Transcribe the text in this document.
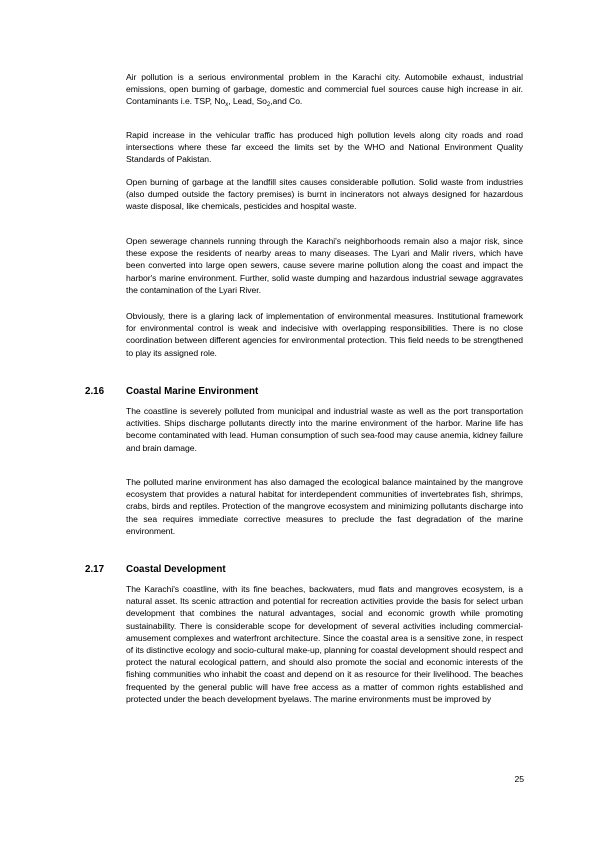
Air pollution is a serious environmental problem in the Karachi city. Automobile exhaust, industrial emissions, open burning of garbage, domestic and commercial fuel sources cause high increase in air. Contaminants i.e. TSP, $No_x$, Lead, $So_2,and$ Co.

Rapid increase in the vehicular traffic has produced high pollution levels along city roads and road intersections where these far exceed the limits set by the WHO and National Environment Quality Standards of Pakistan.

Open burning of garbage at the landfill sites causes considerable pollution. Solid waste from industries (also dumped outside the factory premises) is burnt in incinerators not always designed for hazardous waste disposal, like chemicals, pesticides and hospital waste.

Open sewerage channels running through the Karachi's neighborhoods remain also a major risk, since these expose the residents of nearby areas to many diseases. The Lyari and Malir rivers, which have been converted into large open sewers, cause severe marine pollution along the coast and impact the harbor's marine environment. Further, solid waste dumping and hazardous industrial sewage aggravates the contamination of the Lyari River.

Obviously, there is a glaring lack of implementation of environmental measures. Institutional framework for environmental control is weak and indecisive with overlapping responsibilities. There is no close coordination between different agencies for environmental protection. This field needs to be strengthened to play its assigned role.

2.16 Coastal Marine Environment

The coastline is severely polluted from municipal and industrial waste as well as the port transportation activities. Ships discharge pollutants directly into the marine environment of the harbor. Marine life has become contaminated with lead. Human consumption of such sea-food may cause anemia, kidney failure and brain damage.

The polluted marine environment has also damaged the ecological balance maintained by the mangrove ecosystem that provides a natural habitat for interdependent communities of invertebrates fish, shrimps, crabs, birds and reptiles. Protection of the mangrove ecosystem and minimizing pollutants discharge into the sea requires immediate corrective measures to preclude the fast degradation of the marine environment.

2.17 Coastal Development

The Karachi's coastline, with its fine beaches, backwaters, mud flats and mangroves ecosystem, is a natural asset. Its scenic attraction and potential for recreation activities provide the basis for select urban development that combines the natural advantages, social and economic growth while promoting sustainability. There is considerable scope for development of several activities including commercial-amusement complexes and waterfront architecture. Since the coastal area is a sensitive zone, in respect of its distinctive ecology and socio-cultural make-up, planning for coastal development should respect and protect the natural ecological pattern, and should also promote the social and economic interests of the fishing communities who inhabit the coast and depend on it as resource for their livelihood. The beaches frequented by the general public will have free access as a matter of common rights established and protected under the beach development byelaws. The marine environments must be improved by

25
